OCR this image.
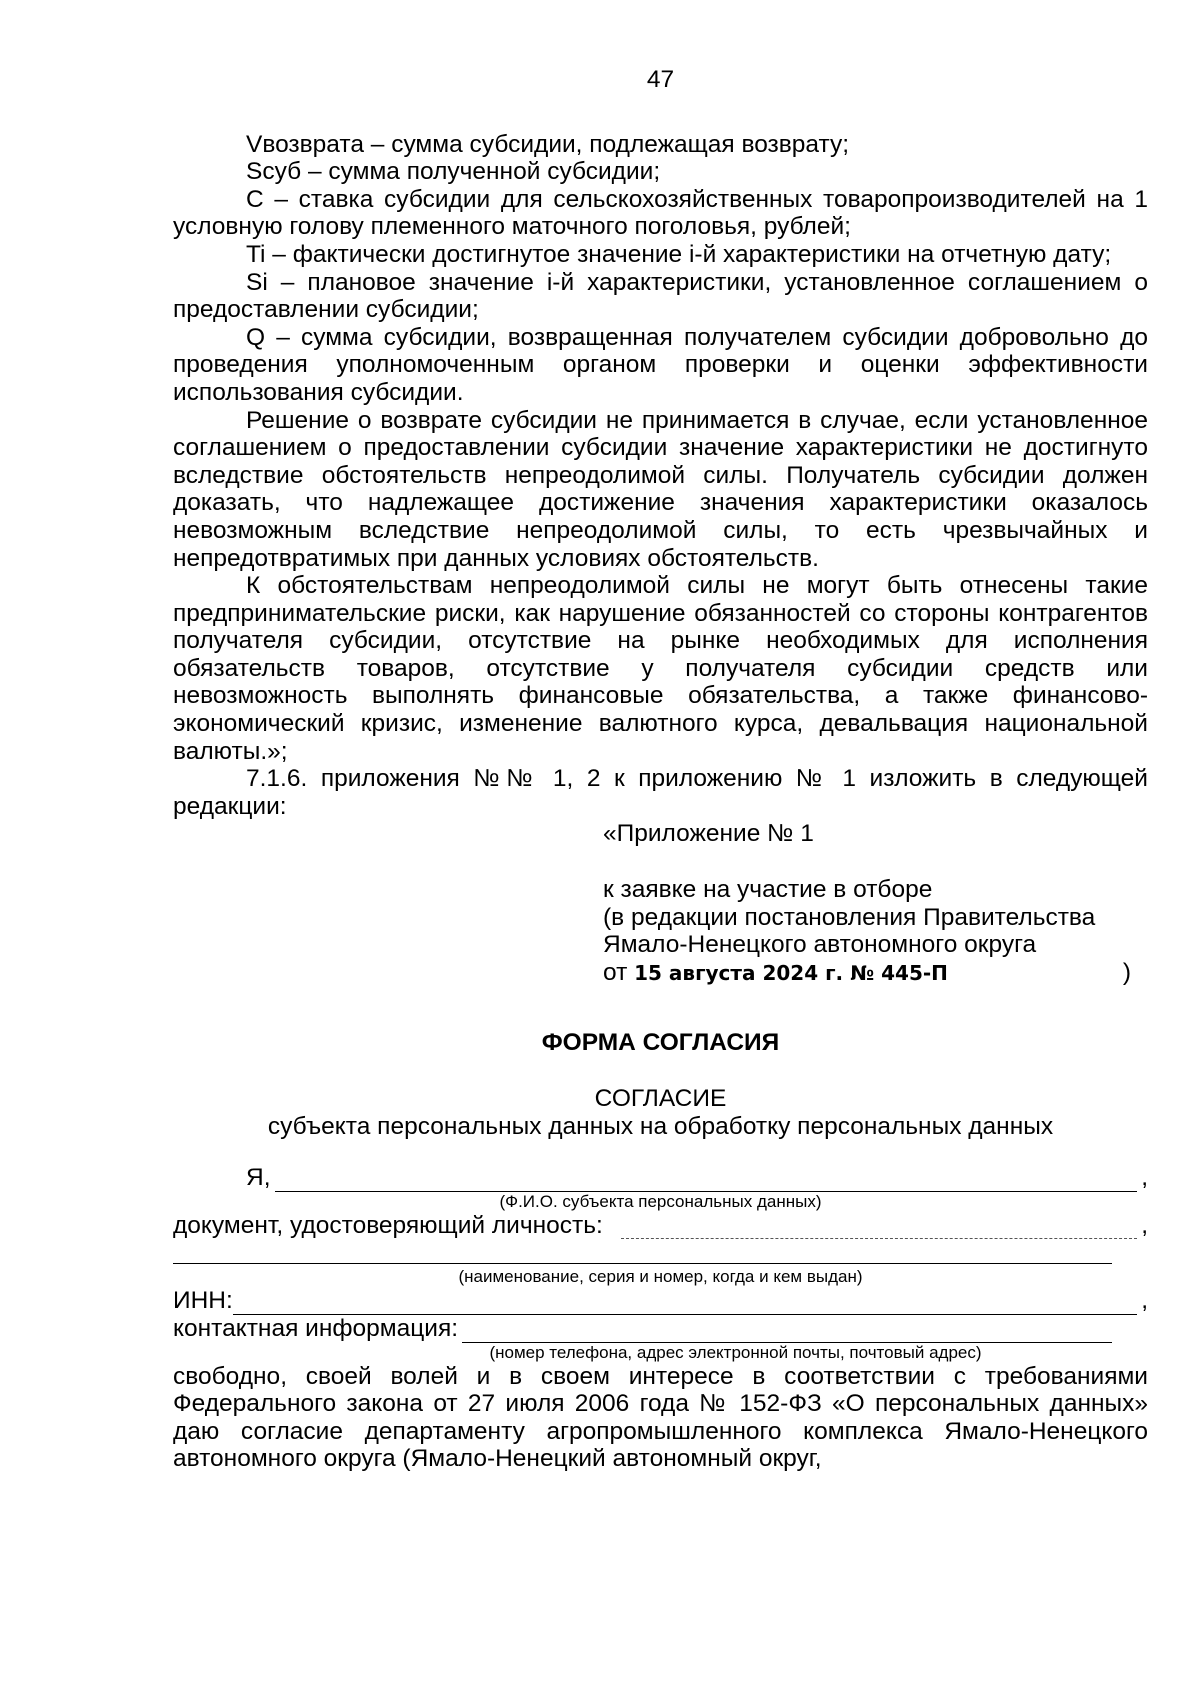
47

Vвозврата – сумма субсидии, подлежащая возврату;

Sсуб – сумма полученной субсидии;

C – ставка субсидии для сельскохозяйственных товаропроизводителей на 1 условную голову племенного маточного поголовья, рублей;

Ti – фактически достигнутое значение i-й характеристики на отчетную дату;

Si – плановое значение i-й характеристики, установленное соглашением о предоставлении субсидии;

Q – сумма субсидии, возвращенная получателем субсидии добровольно до проведения уполномоченным органом проверки и оценки эффективности использования субсидии.

Решение о возврате субсидии не принимается в случае, если установленное соглашением о предоставлении субсидии значение характеристики не достигнуто вследствие обстоятельств непреодолимой силы. Получатель субсидии должен доказать, что надлежащее достижение значения характеристики оказалось невозможным вследствие непреодолимой силы, то есть чрезвычайных и непредотвратимых при данных условиях обстоятельств.

К обстоятельствам непреодолимой силы не могут быть отнесены такие предпринимательские риски, как нарушение обязанностей со стороны контрагентов получателя субсидии, отсутствие на рынке необходимых для исполнения обязательств товаров, отсутствие у получателя субсидии средств или невозможность выполнять финансовые обязательства, а также финансово-экономический кризис, изменение валютного курса, девальвация национальной валюты.»;

7.1.6. приложения №№ 1, 2 к приложению № 1 изложить в следующей редакции:

«Приложение № 1
к заявке на участие в отборе
(в редакции постановления Правительства
Ямало-Ненецкого автономного округа
от 15 августа 2024 г. № 445-П	)
ФОРМА СОГЛАСИЯ
СОГЛАСИЕ
субъекта персональных данных на обработку персональных данных
Я,	,
(Ф.И.О. субъекта персональных данных)
документ, удостоверяющий личность:	,
(наименование, серия и номер, когда и кем выдан)
ИНН:	,
контактная информация:
(номер телефона, адрес электронной почты, почтовый адрес)

свободно, своей волей и в своем интересе в соответствии с требованиями Федерального закона от 27 июля 2006 года № 152-ФЗ «О персональных данных» даю согласие департаменту агропромышленного комплекса Ямало-Ненецкого автономного округа (Ямало-Ненецкий автономный округ,
